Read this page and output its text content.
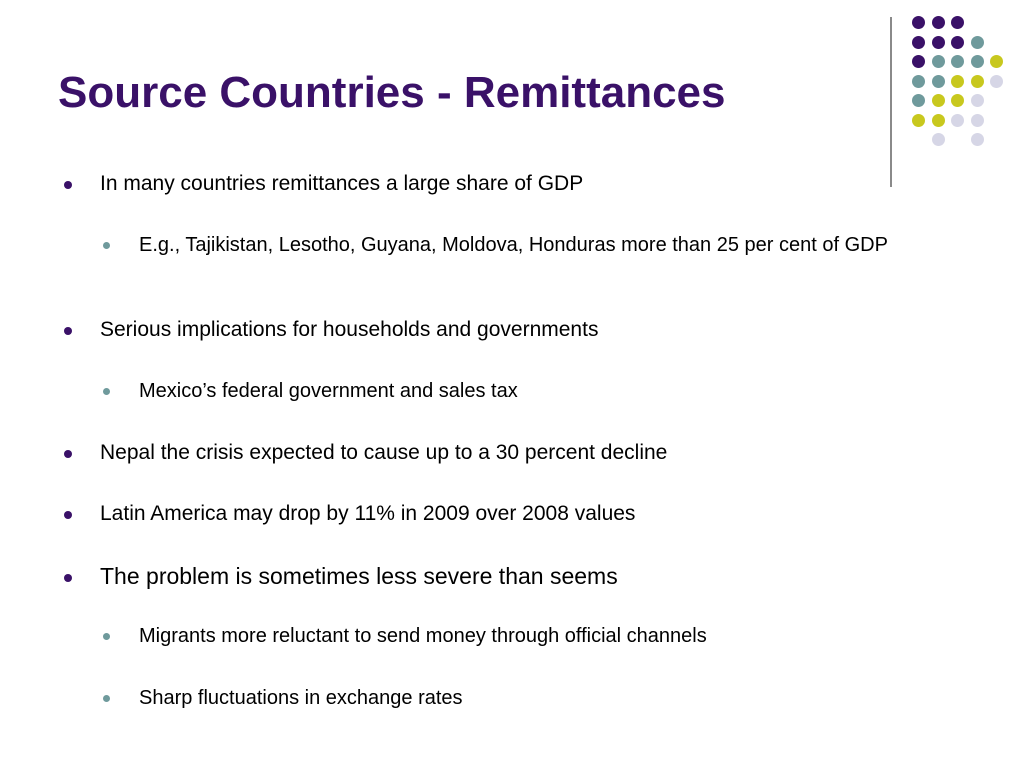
Source Countries - Remittances
In many countries remittances a large share of GDP
E.g., Tajikistan, Lesotho, Guyana, Moldova, Honduras more than 25 per cent of GDP
Serious implications for households and governments
Mexico’s federal government and sales tax
Nepal the crisis expected to cause up to a 30 percent decline
Latin America may drop by 11% in 2009 over 2008 values
The problem is sometimes less severe than seems
Migrants more reluctant to send money through official channels
Sharp fluctuations in exchange rates
